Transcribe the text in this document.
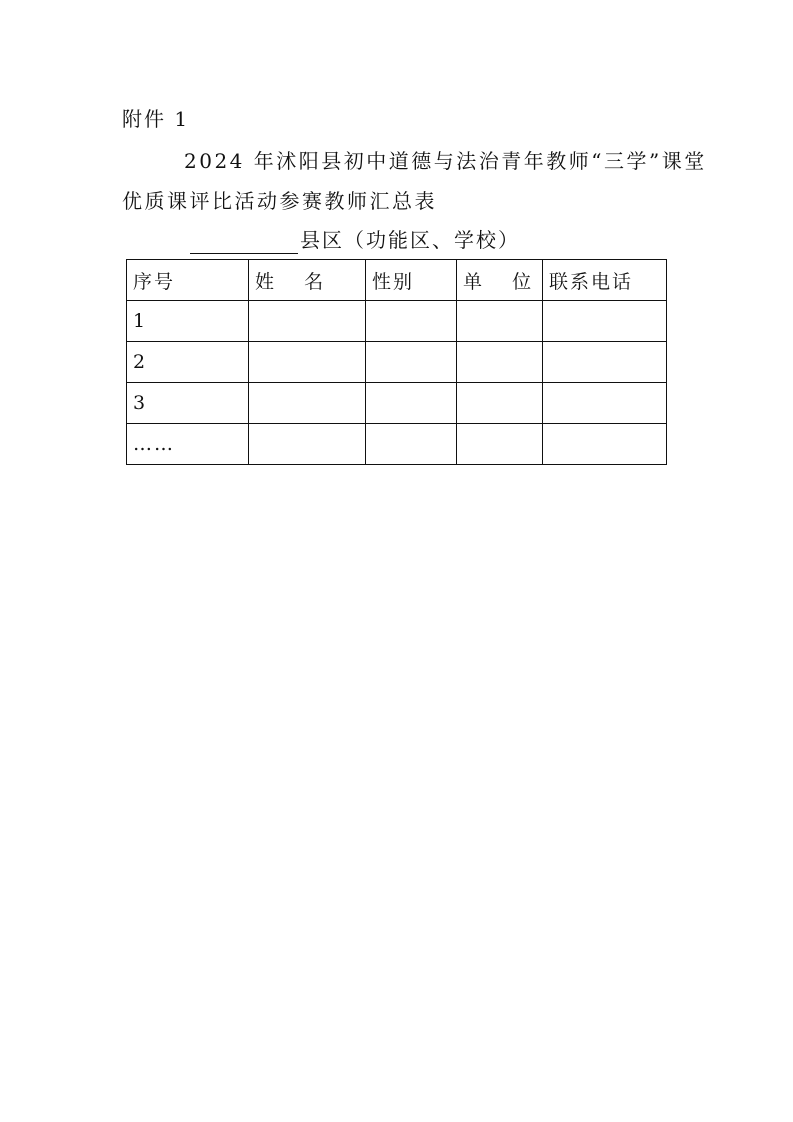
附件 1
2024 年沭阳县初中道德与法治青年教师“三学”课堂
优质课评比活动参赛教师汇总表
县区（功能区、学校）
序号	姓   名	性别	单   位	联系电话
1				
2				
3				
……				
